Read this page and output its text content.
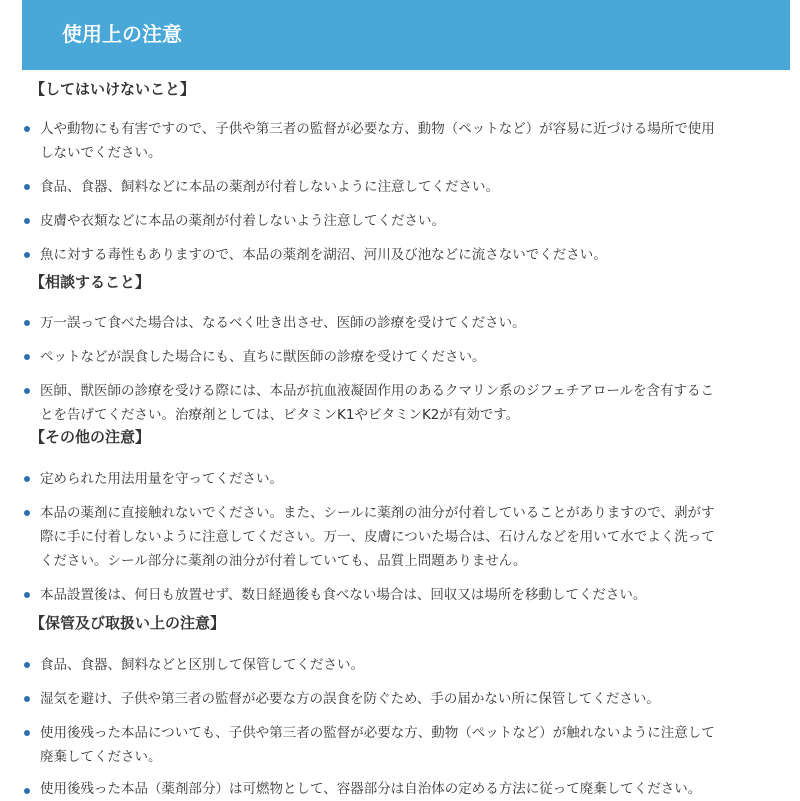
使用上の注意
【してはいけないこと】
人や動物にも有害ですので、子供や第三者の監督が必要な方、動物（ペットなど）が容易に近づける場所で使用
しないでください。
食品、食器、飼料などに本品の薬剤が付着しないように注意してください。
皮膚や衣類などに本品の薬剤が付着しないよう注意してください。
魚に対する毒性もありますので、本品の薬剤を湖沼、河川及び池などに流さないでください。
【相談すること】
万一誤って食べた場合は、なるべく吐き出させ、医師の診療を受けてください。
ペットなどが誤食した場合にも、直ちに獣医師の診療を受けてください。
医師、獣医師の診療を受ける際には、本品が抗血液凝固作用のあるクマリン系のジフェチアロールを含有するこ
とを告げてください。治療剤としては、ビタミンK1やビタミンK2が有効です。
【その他の注意】
定められた用法用量を守ってください。
本品の薬剤に直接触れないでください。また、シールに薬剤の油分が付着していることがありますので、剥がす
際に手に付着しないように注意してください。万一、皮膚についた場合は、石けんなどを用いて水でよく洗って
ください。シール部分に薬剤の油分が付着していても、品質上問題ありません。
本品設置後は、何日も放置せず、数日経過後も食べない場合は、回収又は場所を移動してください。
【保管及び取扱い上の注意】
食品、食器、飼料などと区別して保管してください。
湿気を避け、子供や第三者の監督が必要な方の誤食を防ぐため、手の届かない所に保管してください。
使用後残った本品についても、子供や第三者の監督が必要な方、動物（ペットなど）が触れないように注意して
廃棄してください。
使用後残った本品（薬剤部分）は可燃物として、容器部分は自治体の定める方法に従って廃棄してください。
